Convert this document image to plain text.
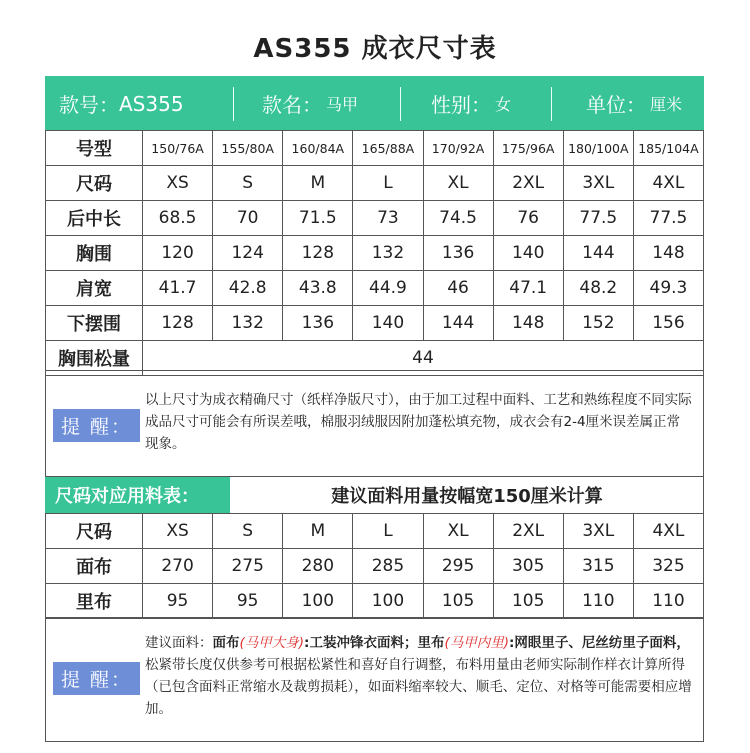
AS355 成衣尺寸表
款号： AS355	款名： 马甲	性别： 女	单位： 厘米
号型	150/76A	155/80A	160/84A	165/88A	170/92A	175/96A	180/100A	185/104A
尺码	XS	S	M	L	XL	2XL	3XL	4XL
后中长	68.5	70	71.5	73	74.5	76	77.5	77.5
胸围	120	124	128	132	136	140	144	148
肩宽	41.7	42.8	43.8	44.9	46	47.1	48.2	49.3
下摆围	128	132	136	140	144	148	152	156
胸围松量	44							
提 醒：
以上尺寸为成衣精确尺寸（纸样净版尺寸），由于加工过程中面料、工艺和熟练程度不同实际成品尺寸可能会有所误差哦，棉服羽绒服因附加蓬松填充物，成衣会有2-4厘米误差属正常现象。
尺码对应用料表：	建议面料用量按幅宽150厘米计算
尺码	XS	S	M	L	XL	2XL	3XL	4XL
面布	270	275	280	285	295	305	315	325
里布	95	95	100	100	105	105	110	110
提 醒：
建议面料：面布(马甲大身):工装冲锋衣面料；里布(马甲内里):网眼里子、尼丝纺里子面料，松紧带长度仅供参考可根据松紧性和喜好自行调整，布料用量由老师实际制作样衣计算所得（已包含面料正常缩水及裁剪损耗），如面料缩率较大、顺毛、定位、对格等可能需要相应增加。
